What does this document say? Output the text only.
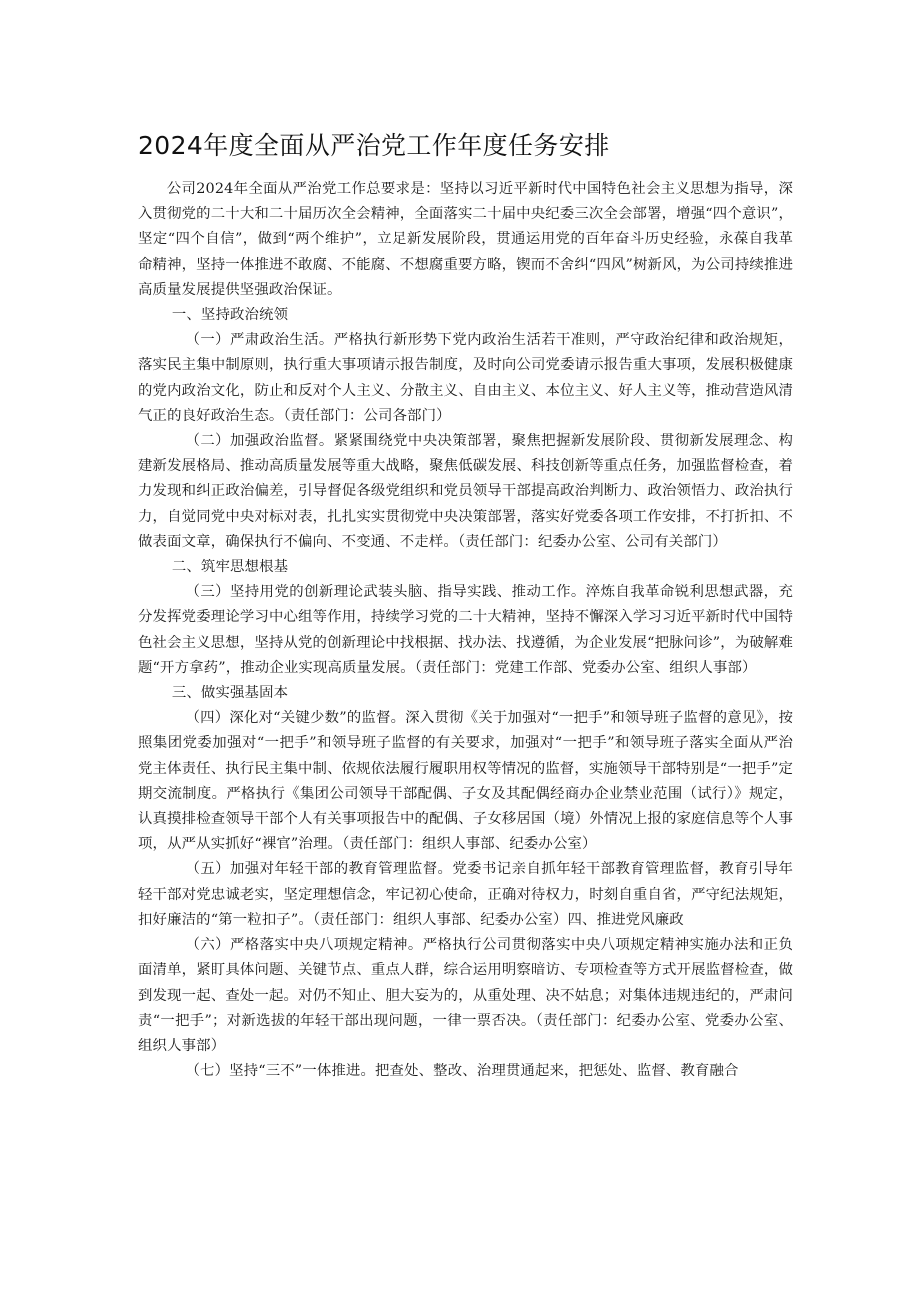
2024年度全面从严治党工作年度任务安排

公司2024年全面从严治党工作总要求是：坚持以习近平新时代中国特色社会主义思想为指导，深入贯彻党的二十大和二十届历次全会精神，全面落实二十届中央纪委三次全会部署，增强“四个意识”，坚定“四个自信”，做到“两个维护”，立足新发展阶段，贯通运用党的百年奋斗历史经验，永葆自我革命精神，坚持一体推进不敢腐、不能腐、不想腐重要方略，锲而不舍纠“四风”树新风，为公司持续推进高质量发展提供坚强政治保证。

一、坚持政治统领

（一）严肃政治生活。严格执行新形势下党内政治生活若干准则，严守政治纪律和政治规矩，落实民主集中制原则，执行重大事项请示报告制度，及时向公司党委请示报告重大事项，发展积极健康的党内政治文化，防止和反对个人主义、分散主义、自由主义、本位主义、好人主义等，推动营造风清气正的良好政治生态。（责任部门：公司各部门）

（二）加强政治监督。紧紧围绕党中央决策部署，聚焦把握新发展阶段、贯彻新发展理念、构建新发展格局、推动高质量发展等重大战略，聚焦低碳发展、科技创新等重点任务，加强监督检查，着力发现和纠正政治偏差，引导督促各级党组织和党员领导干部提高政治判断力、政治领悟力、政治执行力，自觉同党中央对标对表，扎扎实实贯彻党中央决策部署，落实好党委各项工作安排，不打折扣、不做表面文章，确保执行不偏向、不变通、不走样。（责任部门：纪委办公室、公司有关部门）

二、筑牢思想根基

（三）坚持用党的创新理论武装头脑、指导实践、推动工作。淬炼自我革命锐利思想武器，充分发挥党委理论学习中心组等作用，持续学习党的二十大精神，坚持不懈深入学习习近平新时代中国特色社会主义思想，坚持从党的创新理论中找根据、找办法、找遵循，为企业发展“把脉问诊”，为破解难题“开方拿药”，推动企业实现高质量发展。（责任部门：党建工作部、党委办公室、组织人事部）

三、做实强基固本

（四）深化对“关键少数”的监督。深入贯彻《关于加强对“一把手”和领导班子监督的意见》，按照集团党委加强对“一把手”和领导班子监督的有关要求，加强对“一把手”和领导班子落实全面从严治党主体责任、执行民主集中制、依规依法履行履职用权等情况的监督，实施领导干部特别是“一把手”定期交流制度。严格执行《集团公司领导干部配偶、子女及其配偶经商办企业禁业范围（试行）》规定，认真摸排检查领导干部个人有关事项报告中的配偶、子女移居国（境）外情况上报的家庭信息等个人事项，从严从实抓好“裸官”治理。（责任部门：组织人事部、纪委办公室）

（五）加强对年轻干部的教育管理监督。党委书记亲自抓年轻干部教育管理监督，教育引导年轻干部对党忠诚老实，坚定理想信念，牢记初心使命，正确对待权力，时刻自重自省，严守纪法规矩，扣好廉洁的“第一粒扣子”。（责任部门：组织人事部、纪委办公室）四、推进党风廉政

（六）严格落实中央八项规定精神。严格执行公司贯彻落实中央八项规定精神实施办法和正负面清单，紧盯具体问题、关键节点、重点人群，综合运用明察暗访、专项检查等方式开展监督检查，做到发现一起、查处一起。对仍不知止、胆大妄为的，从重处理、决不姑息；对集体违规违纪的，严肃问责“一把手”；对新选拔的年轻干部出现问题，一律一票否决。（责任部门：纪委办公室、党委办公室、组织人事部）

（七）坚持“三不”一体推进。把查处、整改、治理贯通起来，把惩处、监督、教育融合
